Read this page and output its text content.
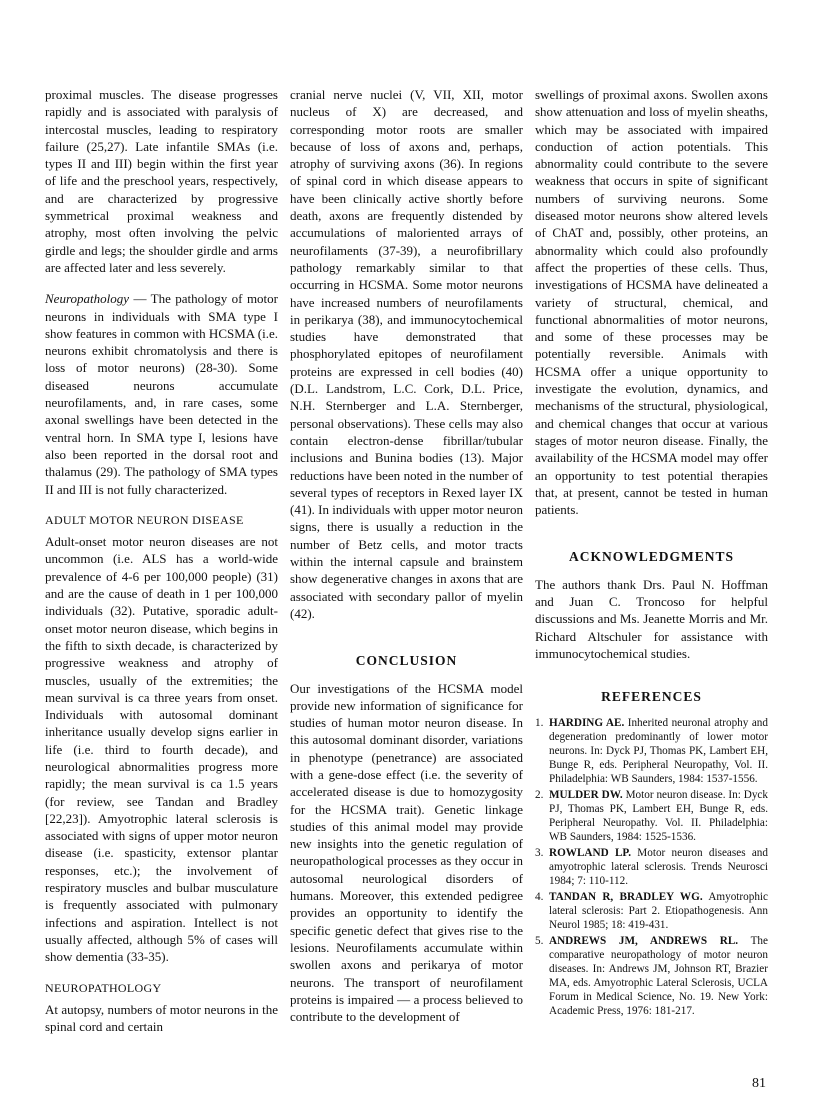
proximal muscles. The disease progresses rapidly and is associated with paralysis of intercostal muscles, leading to respiratory failure (25,27). Late infantile SMAs (i.e. types II and III) begin within the first year of life and the preschool years, respectively, and are characterized by progressive symmetrical proximal weakness and atrophy, most often involving the pelvic girdle and legs; the shoulder girdle and arms are affected later and less severely.

Neuropathology — The pathology of motor neurons in individuals with SMA type I show features in common with HCSMA (i.e. neurons exhibit chromatolysis and there is loss of motor neurons) (28-30). Some diseased neurons accumulate neurofilaments, and, in rare cases, some axonal swellings have been detected in the ventral horn. In SMA type I, lesions have also been reported in the dorsal root and thalamus (29). The pathology of SMA types II and III is not fully characterized.

ADULT MOTOR NEURON DISEASE

Adult-onset motor neuron diseases are not uncommon (i.e. ALS has a world-wide prevalence of 4-6 per 100,000 people) (31) and are the cause of death in 1 per 100,000 individuals (32). Putative, sporadic adult-onset motor neuron disease, which begins in the fifth to sixth decade, is characterized by progressive weakness and atrophy of muscles, usually of the extremities; the mean survival is ca three years from onset. Individuals with autosomal dominant inheritance usually develop signs earlier in life (i.e. third to fourth decade), and neurological abnormalities progress more rapidly; the mean survival is ca 1.5 years (for review, see Tandan and Bradley [22,23]). Amyotrophic lateral sclerosis is associated with signs of upper motor neuron disease (i.e. spasticity, extensor plantar responses, etc.); the involvement of respiratory muscles and bulbar musculature is frequently associated with pulmonary infections and aspiration. Intellect is not usually affected, although 5% of cases will show dementia (33-35).

NEUROPATHOLOGY

At autopsy, numbers of motor neurons in the spinal cord and certain

cranial nerve nuclei (V, VII, XII, motor nucleus of X) are decreased, and corresponding motor roots are smaller because of loss of axons and, perhaps, atrophy of surviving axons (36). In regions of spinal cord in which disease appears to have been clinically active shortly before death, axons are frequently distended by accumulations of maloriented arrays of neurofilaments (37-39), a neurofibrillary pathology remarkably similar to that occurring in HCSMA. Some motor neurons have increased numbers of neurofilaments in perikarya (38), and immunocytochemical studies have demonstrated that phosphorylated epitopes of neurofilament proteins are expressed in cell bodies (40) (D.L. Landstrom, L.C. Cork, D.L. Price, N.H. Sternberger and L.A. Sternberger, personal observations). These cells may also contain electron-dense fibrillar/tubular inclusions and Bunina bodies (13). Major reductions have been noted in the number of several types of receptors in Rexed layer IX (41). In individuals with upper motor neuron signs, there is usually a reduction in the number of Betz cells, and motor tracts within the internal capsule and brainstem show degenerative changes in axons that are associated with secondary pallor of myelin (42).

CONCLUSION

Our investigations of the HCSMA model provide new information of significance for studies of human motor neuron disease. In this autosomal dominant disorder, variations in phenotype (penetrance) are associated with a gene-dose effect (i.e. the severity of accelerated disease is due to homozygosity for the HCSMA trait). Genetic linkage studies of this animal model may provide new insights into the genetic regulation of neuropathological processes as they occur in autosomal neurological disorders of humans. Moreover, this extended pedigree provides an opportunity to identify the specific genetic defect that gives rise to the lesions. Neurofilaments accumulate within swollen axons and perikarya of motor neurons. The transport of neurofilament proteins is impaired — a process believed to contribute to the development of

swellings of proximal axons. Swollen axons show attenuation and loss of myelin sheaths, which may be associated with impaired conduction of action potentials. This abnormality could contribute to the severe weakness that occurs in spite of significant numbers of surviving neurons. Some diseased motor neurons show altered levels of ChAT and, possibly, other proteins, an abnormality which could also profoundly affect the properties of these cells. Thus, investigations of HCSMA have delineated a variety of structural, chemical, and functional abnormalities of motor neurons, and some of these processes may be potentially reversible. Animals with HCSMA offer a unique opportunity to investigate the evolution, dynamics, and mechanisms of the structural, physiological, and chemical changes that occur at various stages of motor neuron disease. Finally, the availability of the HCSMA model may offer an opportunity to test potential therapies that, at present, cannot be tested in human patients.

ACKNOWLEDGMENTS

The authors thank Drs. Paul N. Hoffman and Juan C. Troncoso for helpful discussions and Ms. Jeanette Morris and Mr. Richard Altschuler for assistance with immunocytochemical studies.

REFERENCES
1. HARDING AE. Inherited neuronal atrophy and degeneration predominantly of lower motor neurons. In: Dyck PJ, Thomas PK, Lambert EH, Bunge R, eds. Peripheral Neuropathy, Vol. II. Philadelphia: WB Saunders, 1984: 1537-1556.
2. MULDER DW. Motor neuron disease. In: Dyck PJ, Thomas PK, Lambert EH, Bunge R, eds. Peripheral Neuropathy. Vol. II. Philadelphia: WB Saunders, 1984: 1525-1536.
3. ROWLAND LP. Motor neuron diseases and amyotrophic lateral sclerosis. Trends Neurosci 1984; 7: 110-112.
4. TANDAN R, BRADLEY WG. Amyotrophic lateral sclerosis: Part 2. Etiopathogenesis. Ann Neurol 1985; 18: 419-431.
5. ANDREWS JM, ANDREWS RL. The comparative neuropathology of motor neuron diseases. In: Andrews JM, Johnson RT, Brazier MA, eds. Amyotrophic Lateral Sclerosis, UCLA Forum in Medical Science, No. 19. New York: Academic Press, 1976: 181-217.
81
